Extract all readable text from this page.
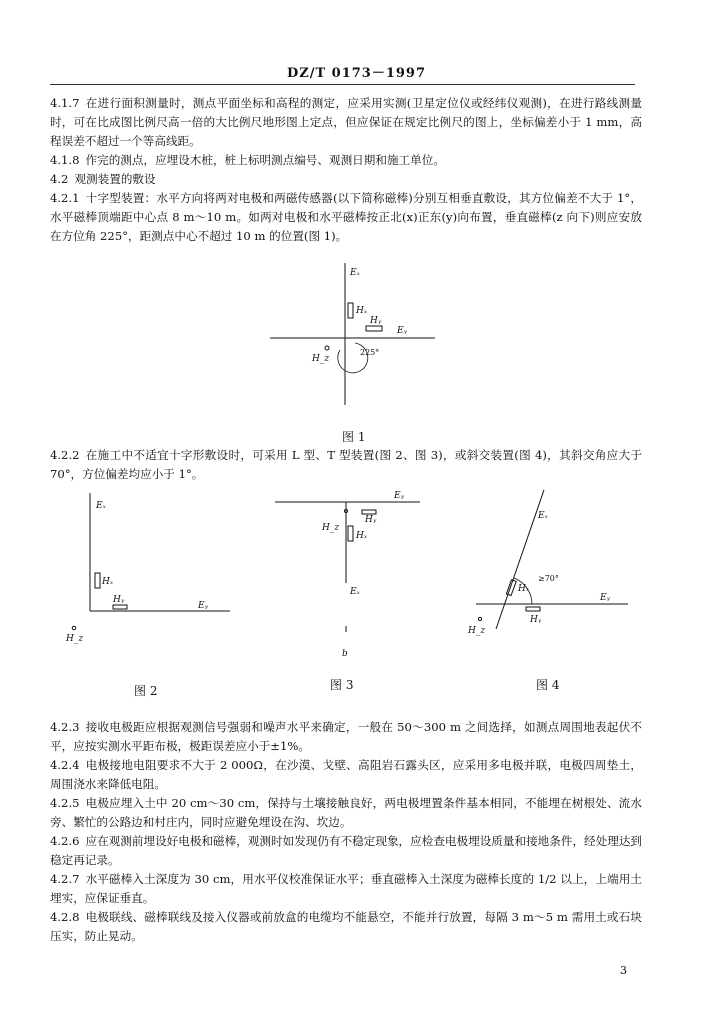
DZ/T 0173－1997

4.1.7 在进行面积测量时，测点平面坐标和高程的测定，应采用实测(卫星定位仪或经纬仪观测)，在进行路线测量时，可在比成图比例尺高一倍的大比例尺地形图上定点，但应保证在规定比例尺的图上，坐标偏差小于 1 mm，高程误差不超过一个等高线距。

4.1.8 作完的测点，应埋设木桩，桩上标明测点编号、观测日期和施工单位。

4.2 观测装置的敷设

4.2.1 十字型装置：水平方向将两对电极和两磁传感器(以下简称磁棒)分别互相垂直敷设，其方位偏差不大于 1°，水平磁棒顶端距中心点 8 m～10 m。如两对电极和水平磁棒按正北(x)正东(y)向布置，垂直磁棒(z 向下)则应安放在方位角 225°，距测点中心不超过 10 m 的位置(图 1)。

Eₓ
Hₓ
Hᵧ
Eᵧ
H_z
225°
图 1

4.2.2 在施工中不适宜十字形敷设时，可采用 L 型、T 型装置(图 2、图 3)，或斜交装置(图 4)，其斜交角应大于 70°，方位偏差均应小于 1°。

Eₓ
Hₓ
Hᵧ
Eᵧ
H_z
图 2
Eᵧ
Hᵧ
H_z
Hₓ
Eₓ
b
图 3
Eₓ
≥70°
Hₓ
Eᵧ
Hᵧ
H_z
图 4

4.2.3 接收电极距应根据观测信号强弱和噪声水平来确定，一般在 50～300 m 之间选择，如测点周围地表起伏不平，应按实测水平距布极，极距误差应小于±1%。

4.2.4 电极接地电阻要求不大于 2 000Ω，在沙漠、戈壁、高阻岩石露头区，应采用多电极并联，电极四周垫土，周围浇水来降低电阻。

4.2.5 电极应埋入土中 20 cm～30 cm，保持与土壤接触良好，两电极埋置条件基本相同，不能埋在树根处、流水旁、繁忙的公路边和村庄内，同时应避免埋设在沟、坎边。

4.2.6 应在观测前埋设好电极和磁棒，观测时如发现仍有不稳定现象，应检查电极埋设质量和接地条件，经处理达到稳定再记录。

4.2.7 水平磁棒入土深度为 30 cm，用水平仪校准保证水平；垂直磁棒入土深度为磁棒长度的 1/2 以上，上端用土埋实，应保证垂直。

4.2.8 电极联线、磁棒联线及接入仪器或前放盒的电缆均不能悬空，不能并行放置，每隔 3 m～5 m 需用土或石块压实，防止晃动。

3
